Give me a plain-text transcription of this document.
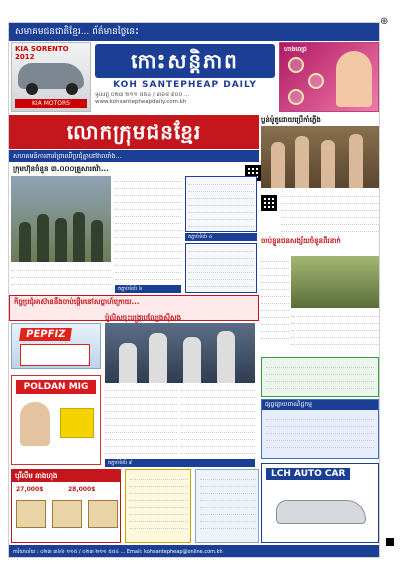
⊕
សមាគមជនជាតិខ្មែរ... ព័ត៌មានថ្ងៃនេះ
KIA SORENTO 2012
KIA MOTORS
កោះសន្តិភាព
KOH SANTEPHEAP DAILY
ទូរស័ព្ទ ០២៣ ២១១ ៥៥៤ / ៣៦៨ ៩០០ ... www.kohsantepheapdaily.com.kh
ហាងពេជ្រ
លោកក្រុមជនខ្មែរ
សហគមន៍ការពារព្រៃឈើប្រជុំគ្នានៅវាលរាំង...
ក្រុមហ៊ុនចំនួន ៣.០០០គ្រួសារតវ៉ា...
តភ្ជាប់ទំព័រ ៤
តភ្ជាប់ទំព័រ ៦
ប្លន់ម៉ូតូដោយប្រើកាំភ្លើង
ចាប់ខ្លួនជនសង្ស័យចំនួនពីរនាក់
កិច្ចប្រជុំអាស៊ាននឹងចាប់ផ្តើមនៅសប្តាហ៍ក្រោយ...
PEPFIZ
ប៉ូលិសចុះបង្ក្រាបល្បែងស៊ីសង
POLDAN MIG
តភ្ជាប់ទំព័រ ៩
ផ្សព្វផ្សាយពាណិជ្ជកម្ម
បុរីលីម ឆាងហុង
27,000$	28,000$
LCH AUTO CAR
ការិយាល័យ : ០២៣ ៣៦៦ ១១៥ / ០២៣ ២១១ ៥៥៤ ... Email: kohsantepheap@online.com.kh
